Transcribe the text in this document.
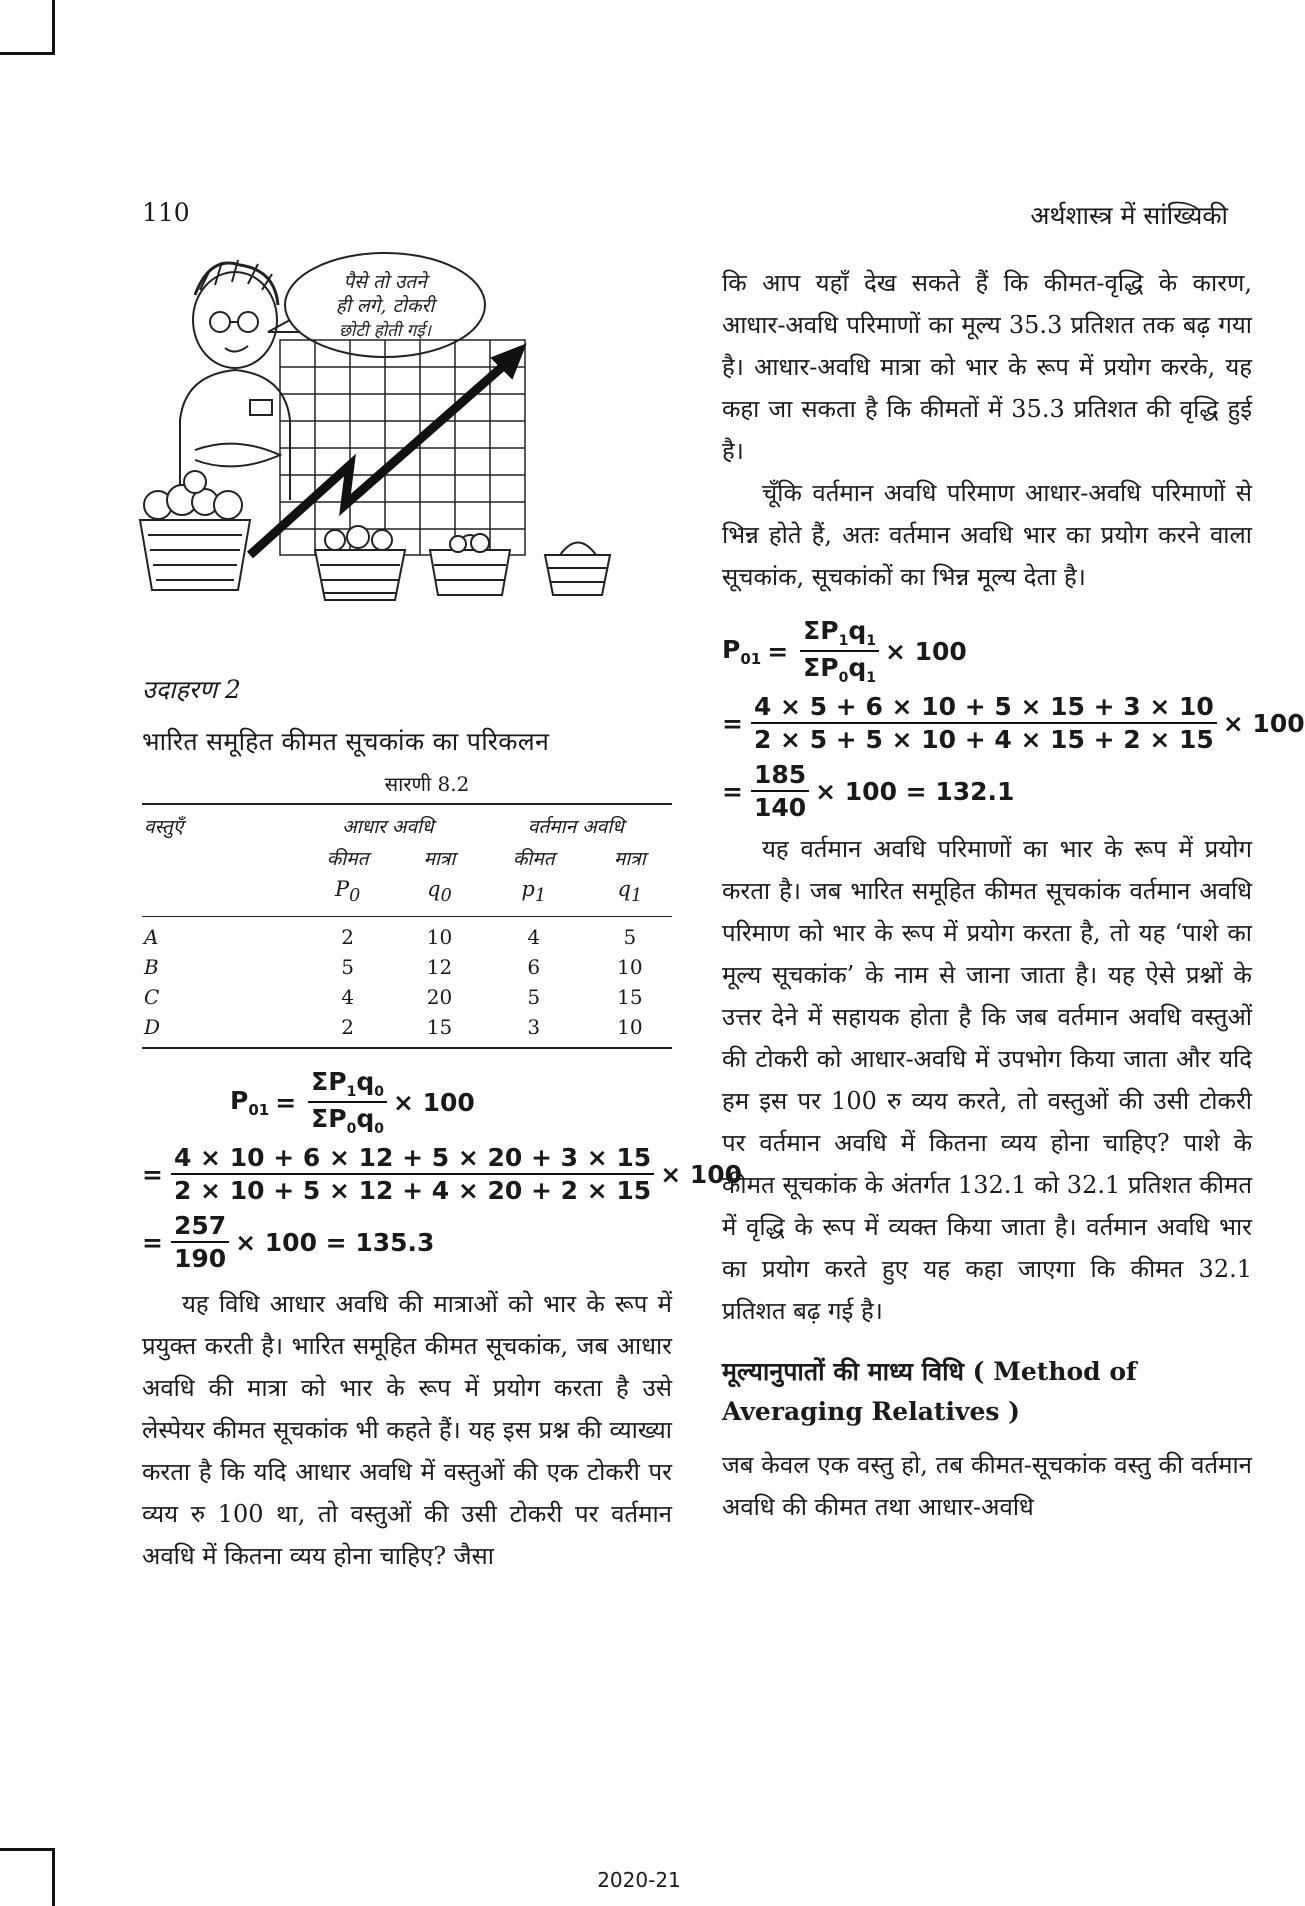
110	अर्थशास्त्र में सांख्यिकी
पैसे तो उतने
ही लगे, टोकरी
छोटी होती गई।
उदाहरण 2
भारित समूहित कीमत सूचकांक का परिकलन
सारणी 8.2
वस्तुएँ	आधार अवधि		वर्तमान अवधि	
	कीमत	मात्रा	कीमत	मात्रा
	$P_0$	$q_0$	$p_1$	$q_1$
A	2	10	4	5
B	5	12	6	10
C	4	20	5	15
D	2	15	3	10
$P_{01} = \frac{\Sigma P_1q_0}{\Sigma P_0q_0} \times 100$
= $\frac{4 \times 10 + 6 \times 12 + 5 \times 20 + 3 \times 15}{2 \times 10 + 5 \times 12 + 4 \times 20 + 2 \times 15} \times 100$
= $\frac{257}{190} \times 100 = 135.3$

यह विधि आधार अवधि की मात्राओं को भार के रूप में प्रयुक्त करती है। भारित समूहित कीमत सूचकांक, जब आधार अवधि की मात्रा को भार के रूप में प्रयोग करता है उसे लेस्पेयर कीमत सूचकांक भी कहते हैं। यह इस प्रश्न की व्याख्या करता है कि यदि आधार अवधि में वस्तुओं की एक टोकरी पर व्यय रु 100 था, तो वस्तुओं की उसी टोकरी पर वर्तमान अवधि में कितना व्यय होना चाहिए? जैसा

कि आप यहाँ देख सकते हैं कि कीमत-वृद्धि के कारण, आधार-अवधि परिमाणों का मूल्य 35.3 प्रतिशत तक बढ़ गया है। आधार-अवधि मात्रा को भार के रूप में प्रयोग करके, यह कहा जा सकता है कि कीमतों में 35.3 प्रतिशत की वृद्धि हुई है।

चूँकि वर्तमान अवधि परिमाण आधार-अवधि परिमाणों से भिन्न होते हैं, अतः वर्तमान अवधि भार का प्रयोग करने वाला सूचकांक, सूचकांकों का भिन्न मूल्य देता है।

$P_{01} = \frac{\Sigma P_1q_1}{\Sigma P_0q_1} \times 100$
= $\frac{4 \times 5 + 6 \times 10 + 5 \times 15 + 3 \times 10}{2 \times 5 + 5 \times 10 + 4 \times 15 + 2 \times 15} \times 100$
= $\frac{185}{140} \times 100 = 132.1$

यह वर्तमान अवधि परिमाणों का भार के रूप में प्रयोग करता है। जब भारित समूहित कीमत सूचकांक वर्तमान अवधि परिमाण को भार के रूप में प्रयोग करता है, तो यह ‘पाशे का मूल्य सूचकांक’ के नाम से जाना जाता है। यह ऐसे प्रश्नों के उत्तर देने में सहायक होता है कि जब वर्तमान अवधि वस्तुओं की टोकरी को आधार-अवधि में उपभोग किया जाता और यदि हम इस पर 100 रु व्यय करते, तो वस्तुओं की उसी टोकरी पर वर्तमान अवधि में कितना व्यय होना चाहिए? पाशे के कीमत सूचकांक के अंतर्गत 132.1 को 32.1 प्रतिशत कीमत में वृद्धि के रूप में व्यक्त किया जाता है। वर्तमान अवधि भार का प्रयोग करते हुए यह कहा जाएगा कि कीमत 32.1 प्रतिशत बढ़ गई है।

मूल्यानुपातों की माध्य विधि ( Method of Averaging Relatives )

जब केवल एक वस्तु हो, तब कीमत-सूचकांक वस्तु की वर्तमान अवधि की कीमत तथा आधार-अवधि

2020-21
